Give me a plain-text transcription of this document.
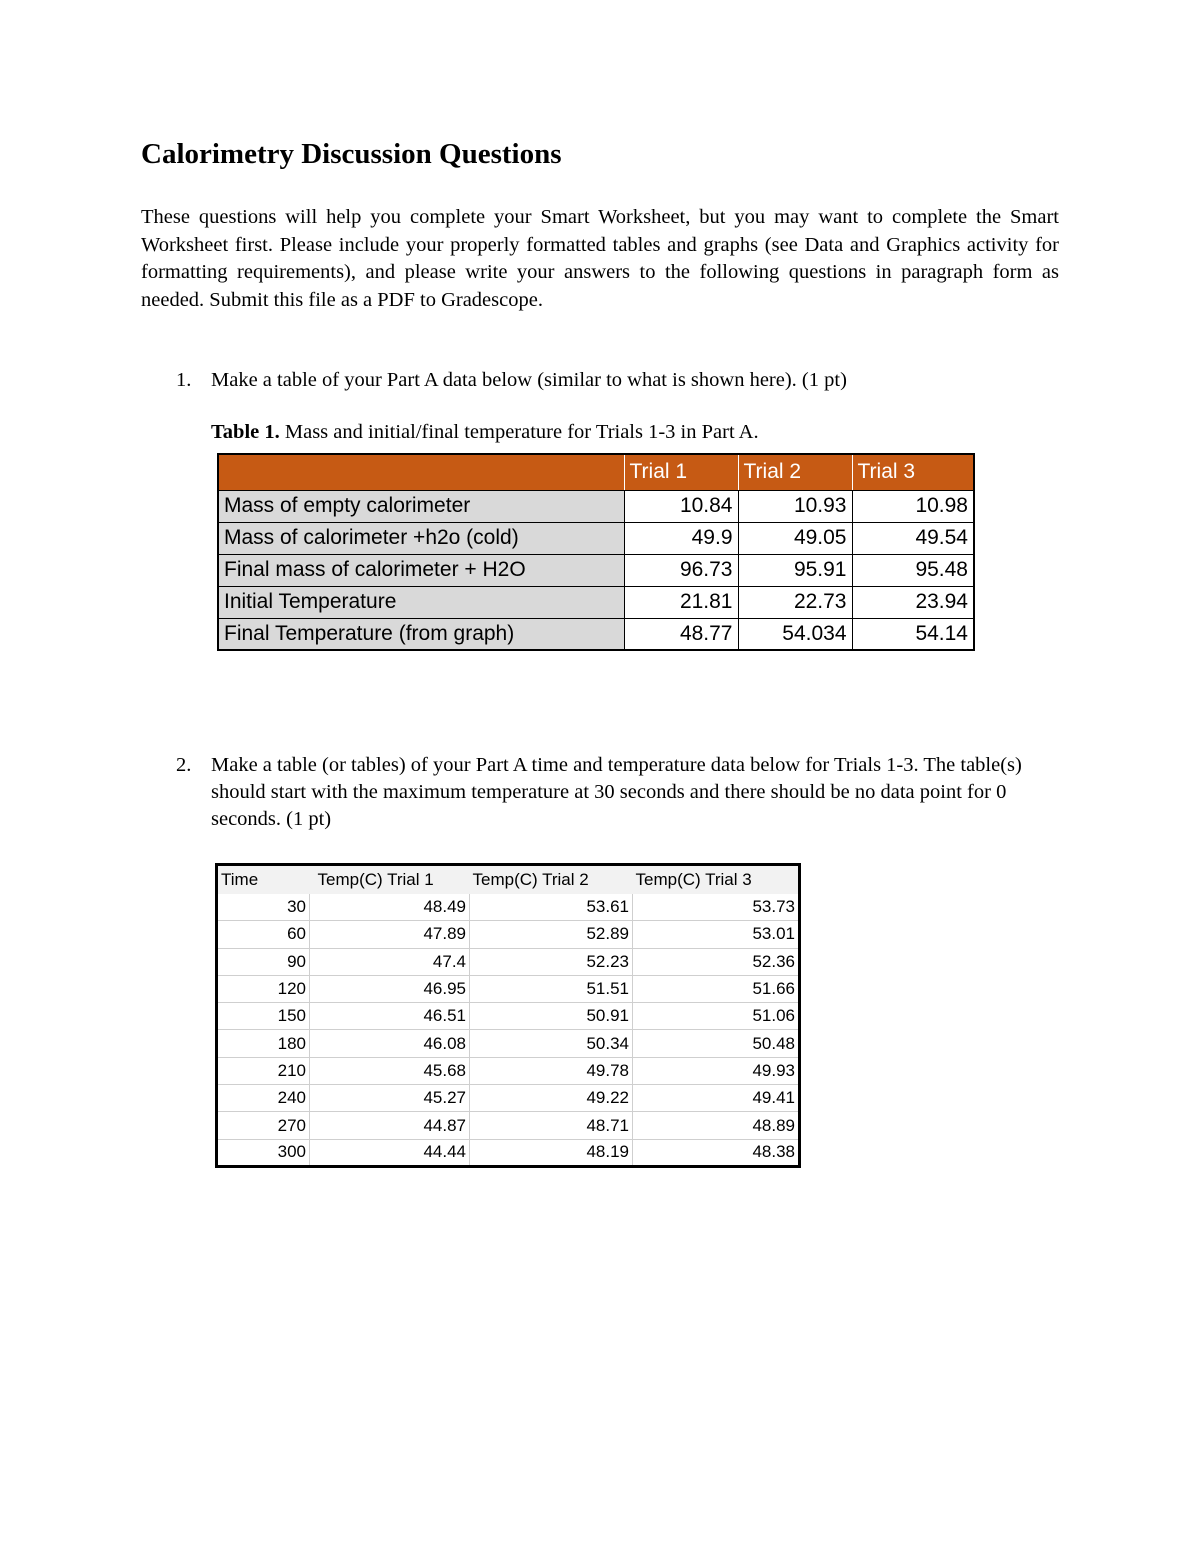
Calorimetry Discussion Questions

These questions will help you complete your Smart Worksheet, but you may want to complete the Smart Worksheet first. Please include your properly formatted tables and graphs (see Data and Graphics activity for formatting requirements), and please write your answers to the following questions in paragraph form as needed. Submit this file as a PDF to Gradescope.

1. Make a table of your Part A data below (similar to what is shown here). (1 pt)
Table 1. Mass and initial/final temperature for Trials 1-3 in Part A.
	Trial 1	Trial 2	Trial 3
Mass of empty calorimeter	10.84	10.93	10.98
Mass of calorimeter +h2o (cold)	49.9	49.05	49.54
Final mass of calorimeter + H2O	96.73	95.91	95.48
Initial Temperature	21.81	22.73	23.94
Final Temperature (from graph)	48.77	54.034	54.14
2. Make a table (or tables) of your Part A time and temperature data below for Trials 1-3. The table(s) should start with the maximum temperature at 30 seconds and there should be no data point for 0 seconds. (1 pt)
Time	Temp(C) Trial 1	Temp(C) Trial 2	Temp(C) Trial 3
30	48.49	53.61	53.73
60	47.89	52.89	53.01
90	47.4	52.23	52.36
120	46.95	51.51	51.66
150	46.51	50.91	51.06
180	46.08	50.34	50.48
210	45.68	49.78	49.93
240	45.27	49.22	49.41
270	44.87	48.71	48.89
300	44.44	48.19	48.38
